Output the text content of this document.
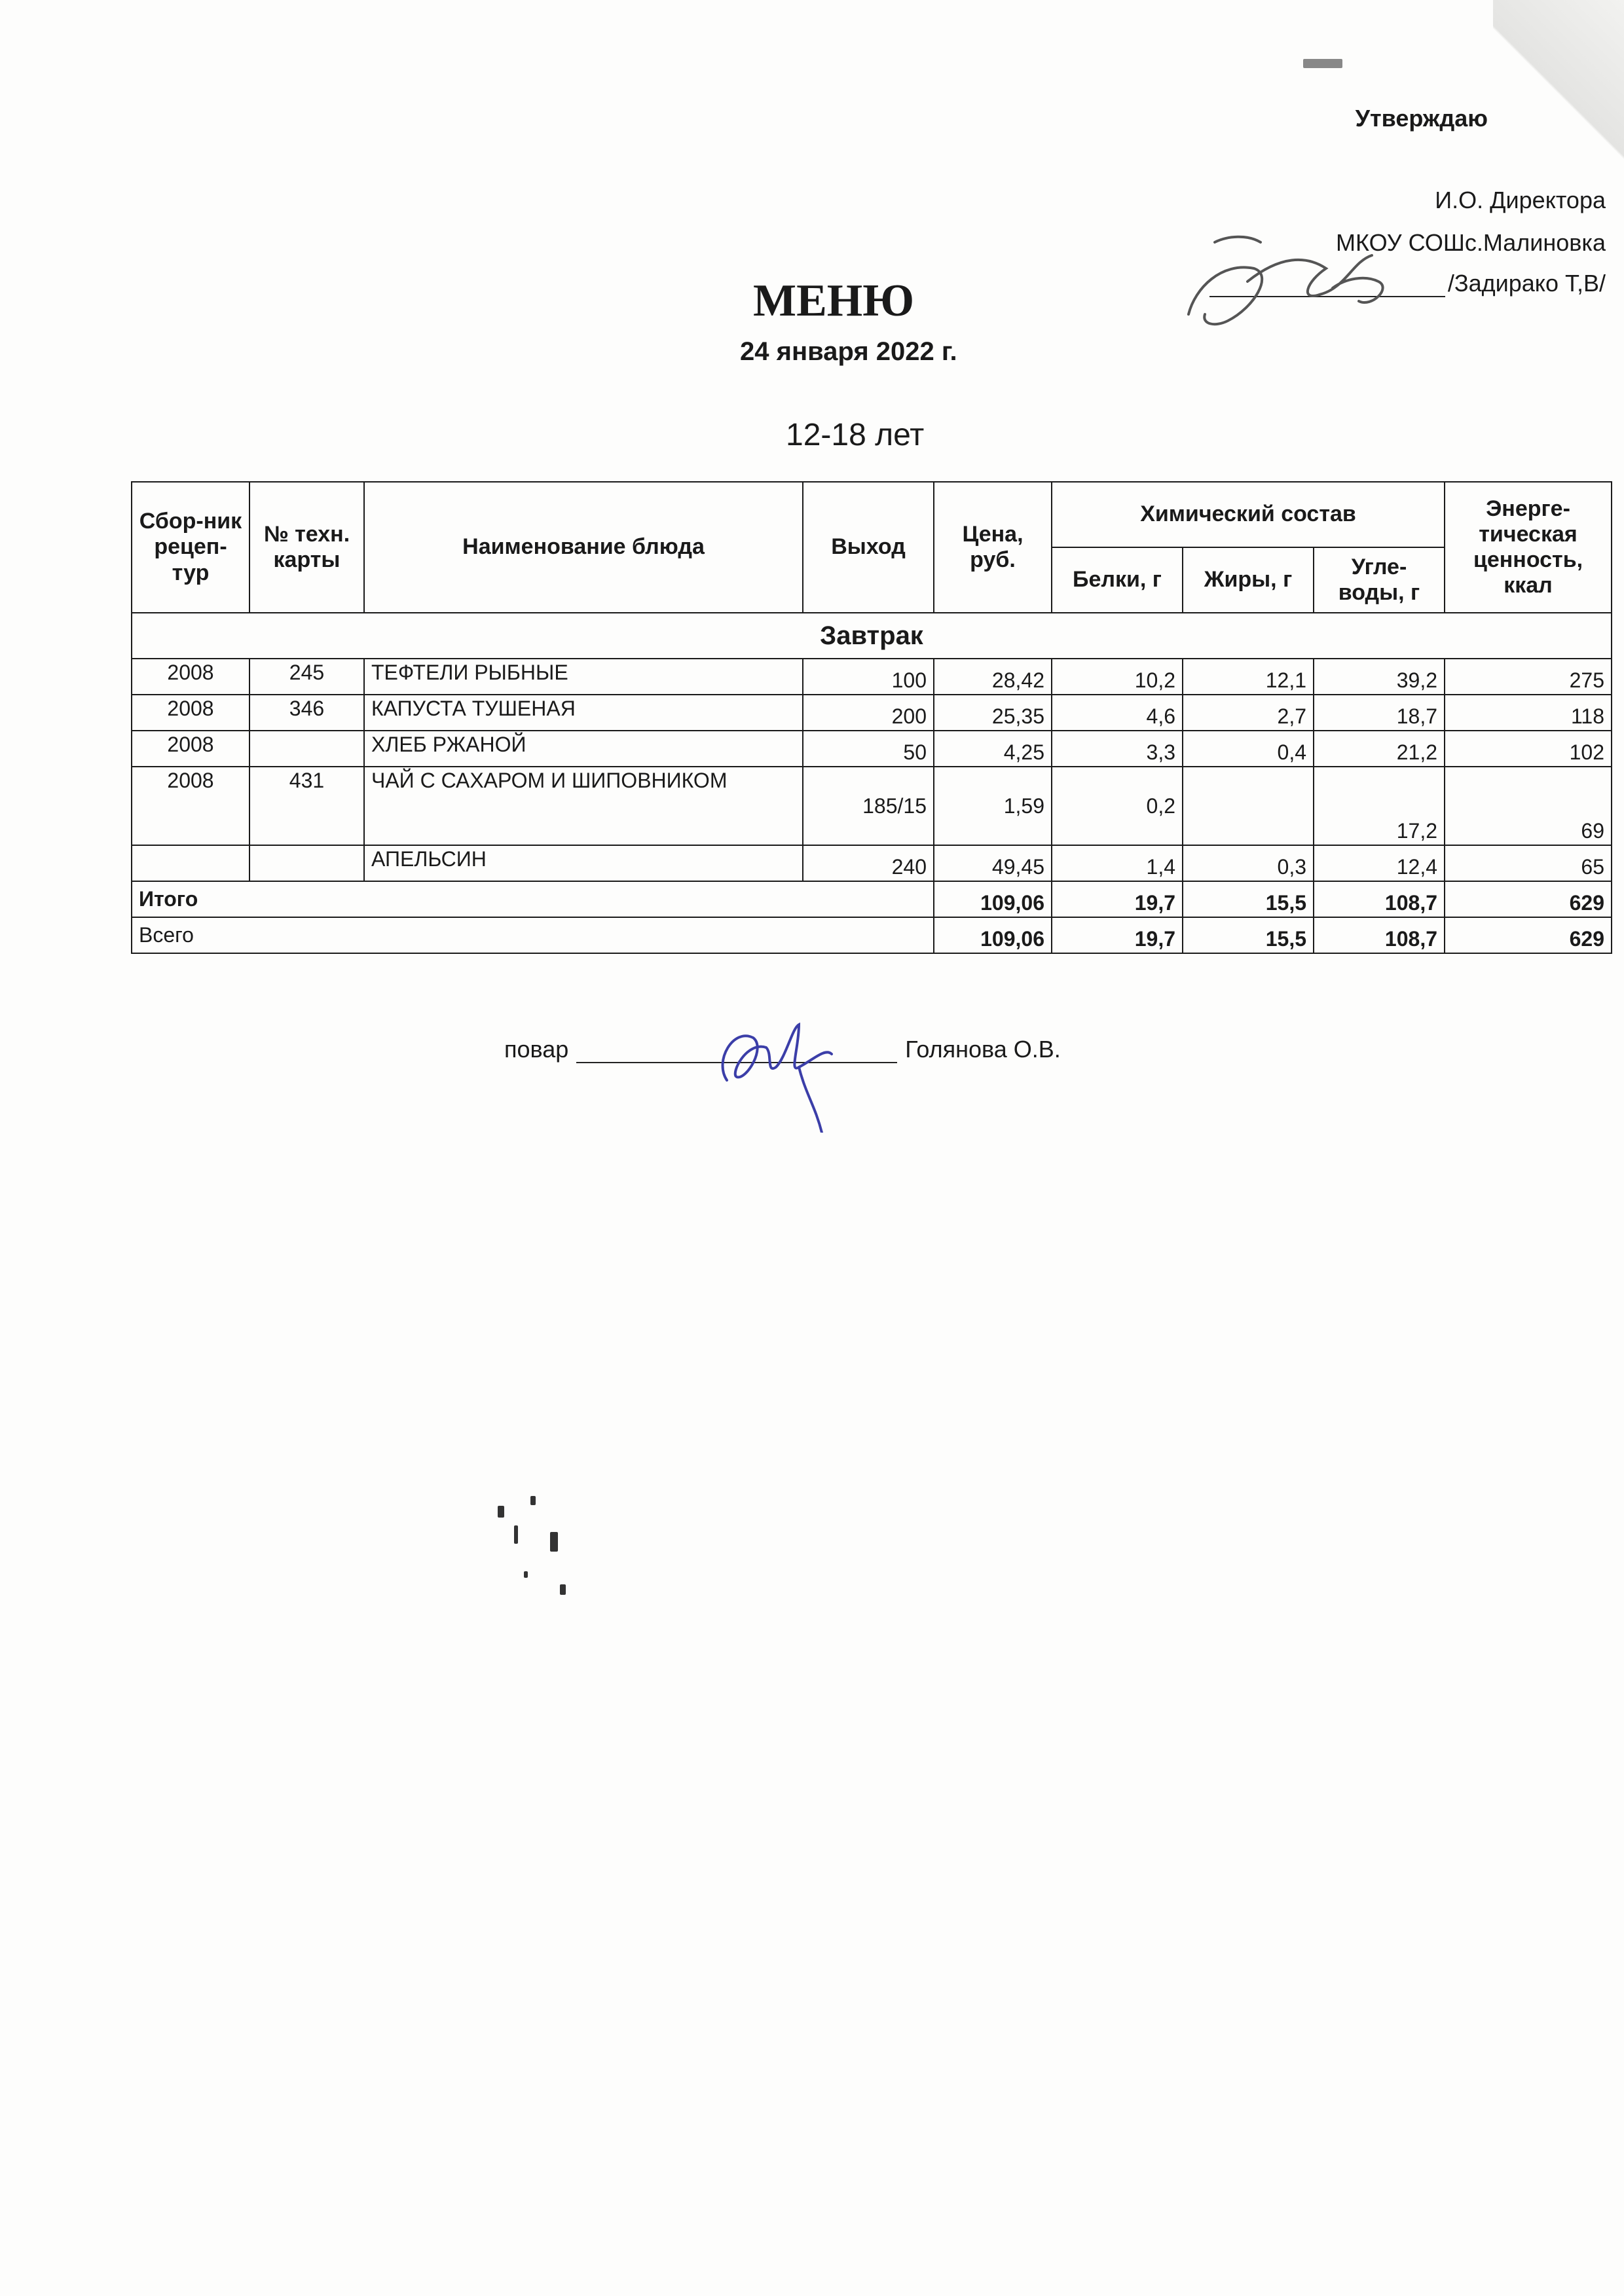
Утверждаю
И.О. Директора
МКОУ СОШс.Малиновка
/Задирако Т,В/
МЕНЮ
24 января 2022 г.
12-18 лет
Сбор-ник рецеп-тур	№ техн. карты	Наименование блюда	Выход	Цена, руб.	Химический состав			Энерге-тическая ценность, ккал
					Белки, г	Жиры, г	Угле-воды, г	
Завтрак								
2008	245	ТЕФТЕЛИ РЫБНЫЕ	100	28,42	10,2	12,1	39,2	275
2008	346	КАПУСТА ТУШЕНАЯ	200	25,35	4,6	2,7	18,7	118
2008		ХЛЕБ РЖАНОЙ	50	4,25	3,3	0,4	21,2	102
2008	431	ЧАЙ С САХАРОМ И ШИПОВНИКОМ	185/15	1,59	0,2		17,2	69
		АПЕЛЬСИН	240	49,45	1,4	0,3	12,4	65
Итого				109,06	19,7	15,5	108,7	629
Всего				109,06	19,7	15,5	108,7	629
повар	Голянова О.В.
